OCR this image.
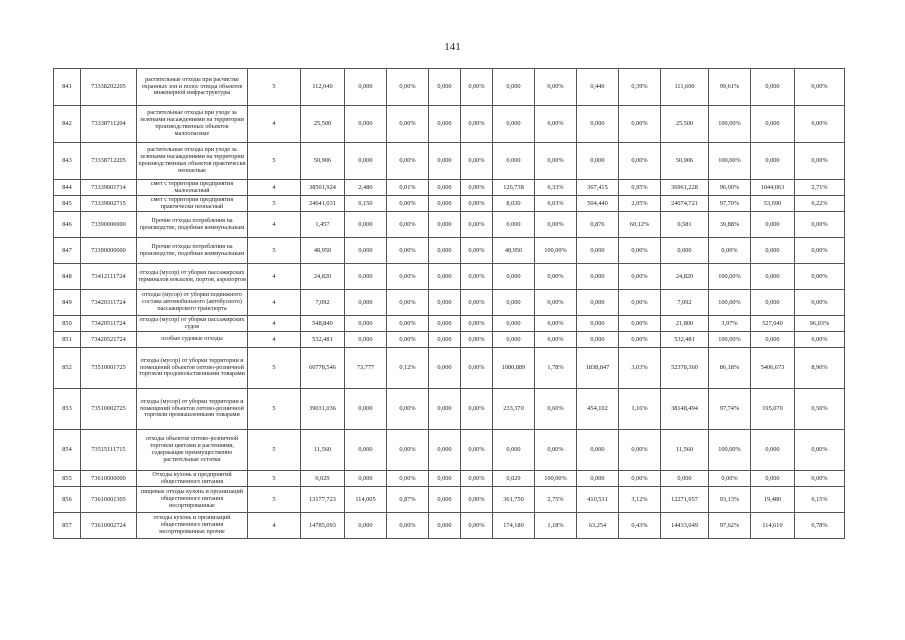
141
841	73338202205	растительные отходы при расчистке охранных зон и полос отвода объектов инженерной инфраструктуры	5	112,040	0,000	0,00%	0,000	0,00%	0,000	0,00%	0,440	0,39%	111,600	99,61%	0,000	0,00%
842	73338711204	растительные отходы при уходе за зелеными насаждениями на территории производственных объектов малоопасные	4	25,500	0,000	0,00%	0,000	0,00%	0,000	0,00%	0,000	0,00%	25,500	100,00%	0,000	0,00%
843	73338712205	растительные отходы при уходе за зелеными насаждениями на территории производственных объектов практически неопасные	5	50,906	0,000	0,00%	0,000	0,00%	0,000	0,00%	0,000	0,00%	50,906	100,00%	0,000	0,00%
844	73339001714	смет с территории предприятия малоопасный	4	38501,924	2,480	0,01%	0,000	0,00%	126,738	0,33%	367,415	0,95%	36961,228	96,00%	1044,063	2,71%
845	73339002715	смет с территории предприятия практически неопасный	5	24641,031	0,150	0,00%	0,000	0,00%	8,030	0,03%	504,440	2,05%	24074,721	97,70%	53,690	0,22%
846	73390000000	Прочие отходы потребления на производстве, подобные коммунальным	4	1,457	0,000	0,00%	0,000	0,00%	0,000	0,00%	0,876	60,12%	0,581	39,88%	0,000	0,00%
847	73390000000	Прочие отходы потребления на производстве, подобные коммунальным	5	48,950	0,000	0,00%	0,000	0,00%	48,950	100,00%	0,000	0,00%	0,000	0,00%	0,000	0,00%
848	73412111724	отходы (мусор) от уборки пассажирских терминалов вокзалов, портов, аэропортов	4	24,820	0,000	0,00%	0,000	0,00%	0,000	0,00%	0,000	0,00%	24,820	100,00%	0,000	0,00%
849	73420311724	отходы (мусор) от уборки подвижного состава автомобильного (автобусного) пассажирского транспорта	4	7,092	0,000	0,00%	0,000	0,00%	0,000	0,00%	0,000	0,00%	7,092	100,00%	0,000	0,00%
850	73420511724	отходы (мусор) от уборки пассажирских судов	4	548,840	0,000	0,00%	0,000	0,00%	0,000	0,00%	0,000	0,00%	21,800	3,97%	527,040	96,03%
851	73420521724	особые судовые отходы	4	532,481	0,000	0,00%	0,000	0,00%	0,000	0,00%	0,000	0,00%	532,481	100,00%	0,000	0,00%
852	73510001725	отходы (мусор) от уборки территории и помещений объектов оптово-розничной торговли продовольственными товарами	5	60778,546	73,777	0,12%	0,000	0,00%	1080,889	1,78%	1838,847	3,03%	52378,360	86,18%	5406,673	8,90%
853	73510002725	отходы (мусор) от уборки территории и помещений объектов оптово-розничной торговли промышленными товарами	5	39031,036	0,000	0,00%	0,000	0,00%	233,370	0,60%	454,102	1,16%	38148,494	97,74%	195,070	0,50%
854	73515111715	отходы объектов оптово-розничной торговли цветами и растениями, содержащие преимущественно растительные остатки	5	11,560	0,000	0,00%	0,000	0,00%	0,000	0,00%	0,000	0,00%	11,560	100,00%	0,000	0,00%
855	73610000000	Отходы кухонь и предприятий общественного питания	5	0,029	0,000	0,00%	0,000	0,00%	0,029	100,00%	0,000	0,00%	0,000	0,00%	0,000	0,00%
856	73610001305	пищевые отходы кухонь и организаций общественного питания несортированные	5	13177,723	114,005	0,87%	0,000	0,00%	361,750	2,75%	410,531	3,12%	12271,957	93,13%	19,480	0,15%
857	73610002724	отходы кухонь и организаций общественного питания несортированные прочие	4	14785,093	0,000	0,00%	0,000	0,00%	174,180	1,18%	63,254	0,43%	14433,049	97,62%	114,610	0,78%
